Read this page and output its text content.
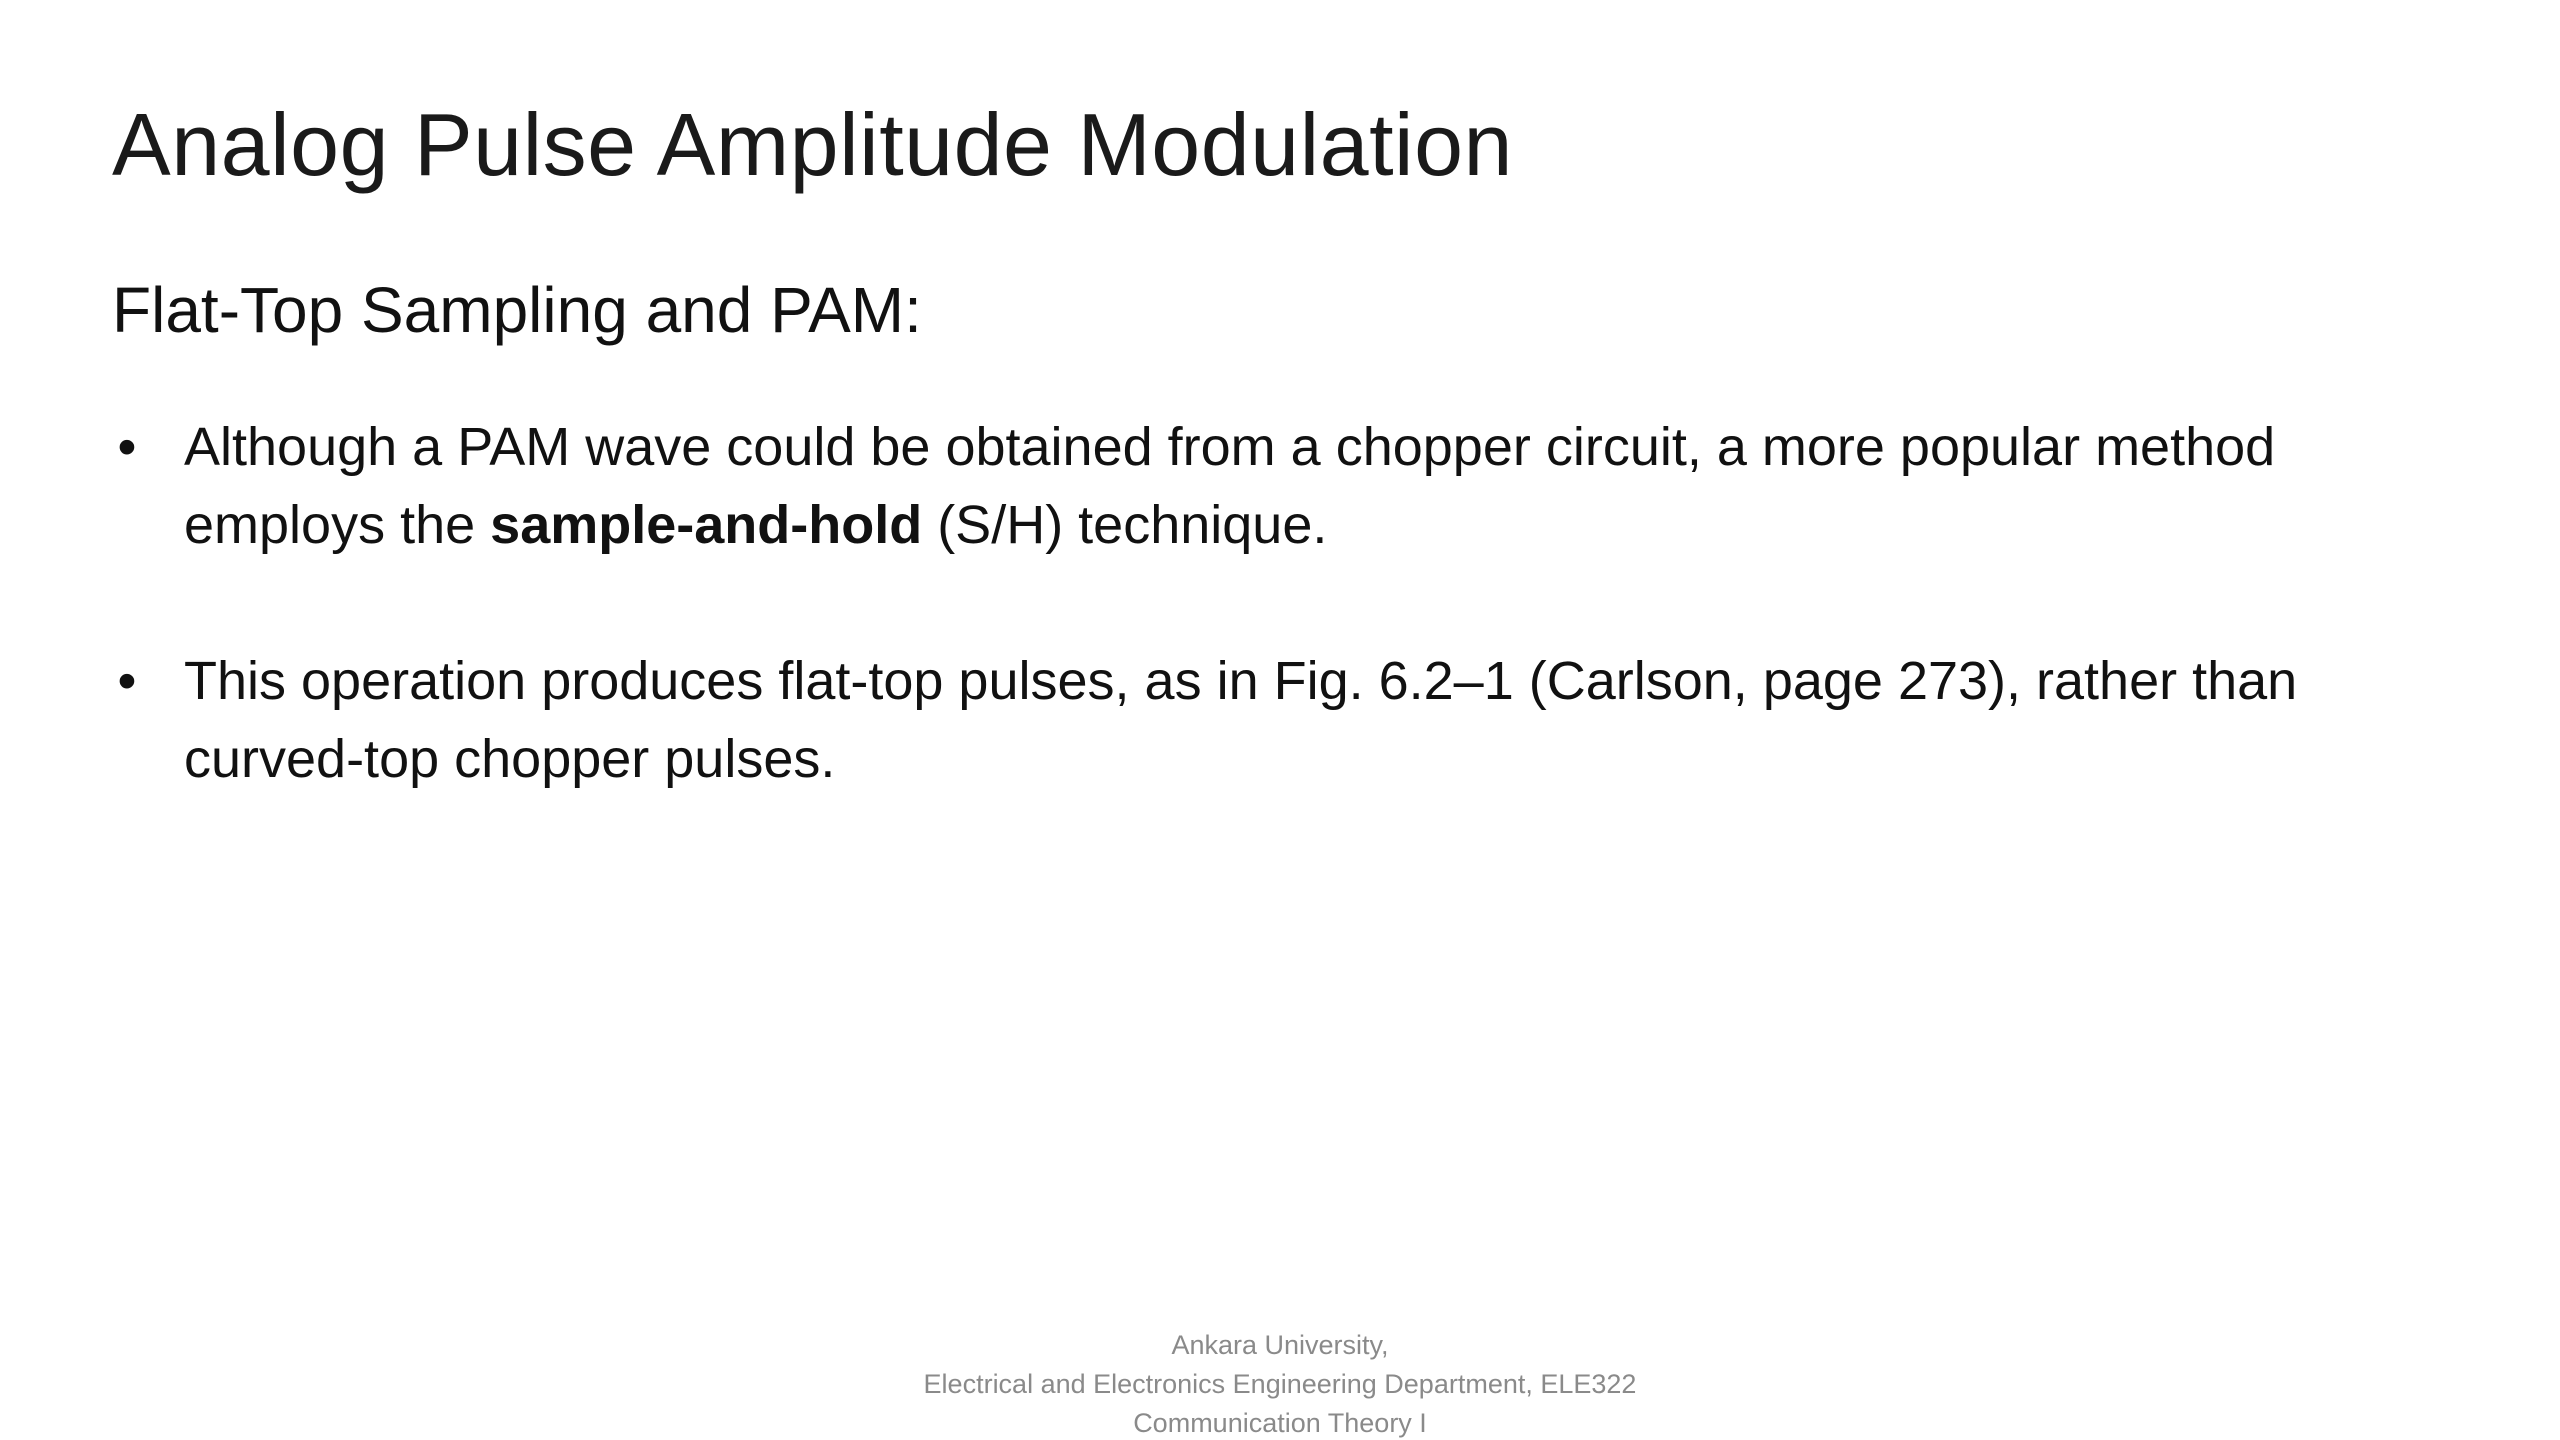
Analog Pulse Amplitude Modulation
Flat-Top Sampling and PAM:
• Although a PAM wave could be obtained from a chopper circuit, a more popular method employs the sample-and-hold (S/H) technique.
• This operation produces flat-top pulses, as in Fig. 6.2–1 (Carlson, page 273), rather than curved-top chopper pulses.
Ankara University,
Electrical and Electronics Engineering Department, ELE322
Communication Theory I
